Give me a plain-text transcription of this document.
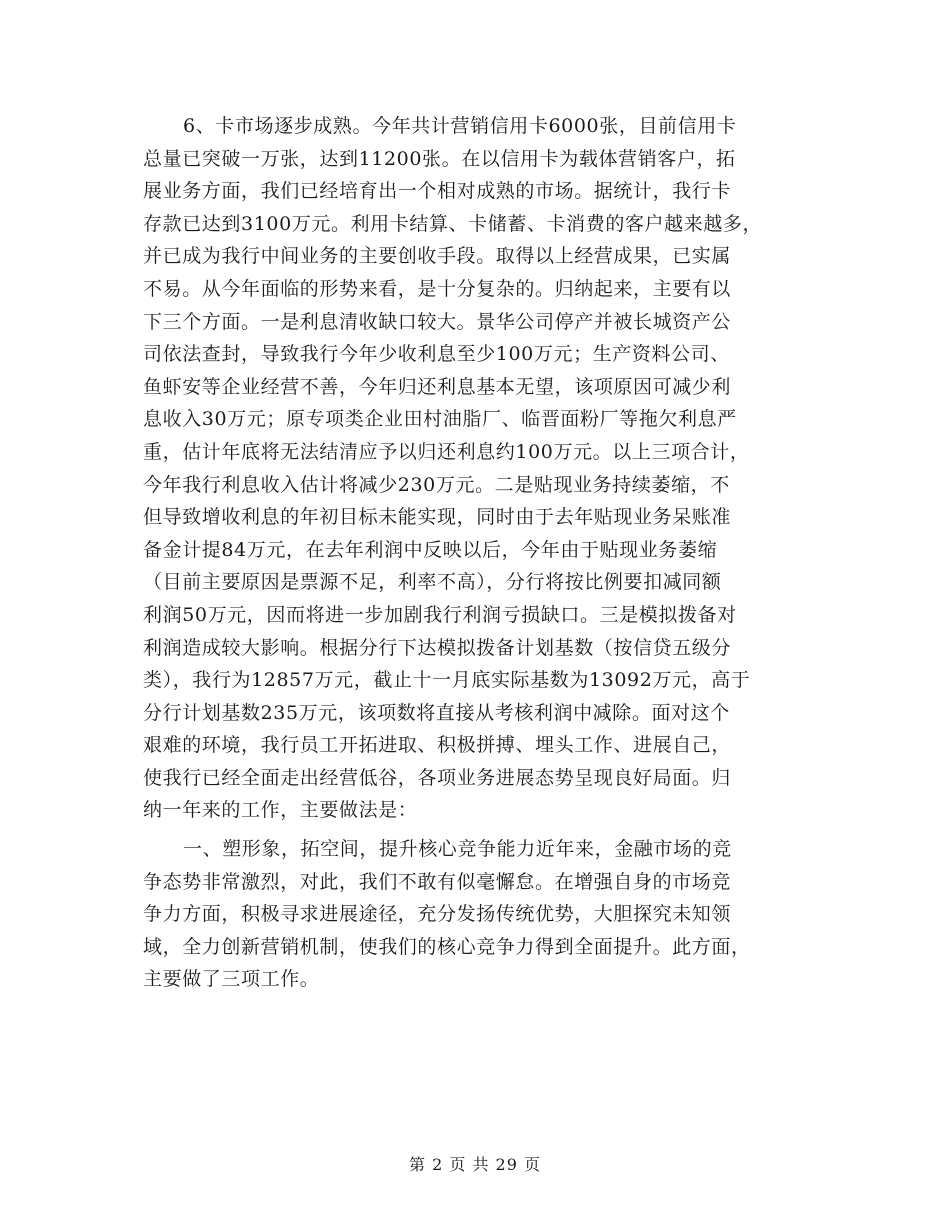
6、卡市场逐步成熟。今年共计营销信用卡6000张，目前信用卡
总量已突破一万张，达到11200张。在以信用卡为载体营销客户，拓
展业务方面，我们已经培育出一个相对成熟的市场。据统计，我行卡
存款已达到3100万元。利用卡结算、卡储蓄、卡消费的客户越来越多，
并已成为我行中间业务的主要创收手段。取得以上经营成果，已实属
不易。从今年面临的形势来看，是十分复杂的。归纳起来，主要有以
下三个方面。一是利息清收缺口较大。景华公司停产并被长城资产公
司依法查封，导致我行今年少收利息至少100万元；生产资料公司、
鱼虾安等企业经营不善，今年归还利息基本无望，该项原因可减少利
息收入30万元；原专项类企业田村油脂厂、临晋面粉厂等拖欠利息严
重，估计年底将无法结清应予以归还利息约100万元。以上三项合计，
今年我行利息收入估计将减少230万元。二是贴现业务持续萎缩，不
但导致增收利息的年初目标未能实现，同时由于去年贴现业务呆账准
备金计提84万元，在去年利润中反映以后，今年由于贴现业务萎缩
（目前主要原因是票源不足，利率不高），分行将按比例要扣减同额
利润50万元，因而将进一步加剧我行利润亏损缺口。三是模拟拨备对
利润造成较大影响。根据分行下达模拟拨备计划基数（按信贷五级分
类），我行为12857万元，截止十一月底实际基数为13092万元，高于
分行计划基数235万元，该项数将直接从考核利润中减除。面对这个
艰难的环境，我行员工开拓进取、积极拼搏、埋头工作、进展自己，
使我行已经全面走出经营低谷，各项业务进展态势呈现良好局面。归
纳一年来的工作，主要做法是：
一、塑形象，拓空间，提升核心竞争能力近年来，金融市场的竞
争态势非常激烈，对此，我们不敢有似毫懈怠。在增强自身的市场竞
争力方面，积极寻求进展途径，充分发扬传统优势，大胆探究未知领
域，全力创新营销机制，使我们的核心竞争力得到全面提升。此方面，
主要做了三项工作。
第 2 页 共 29 页
